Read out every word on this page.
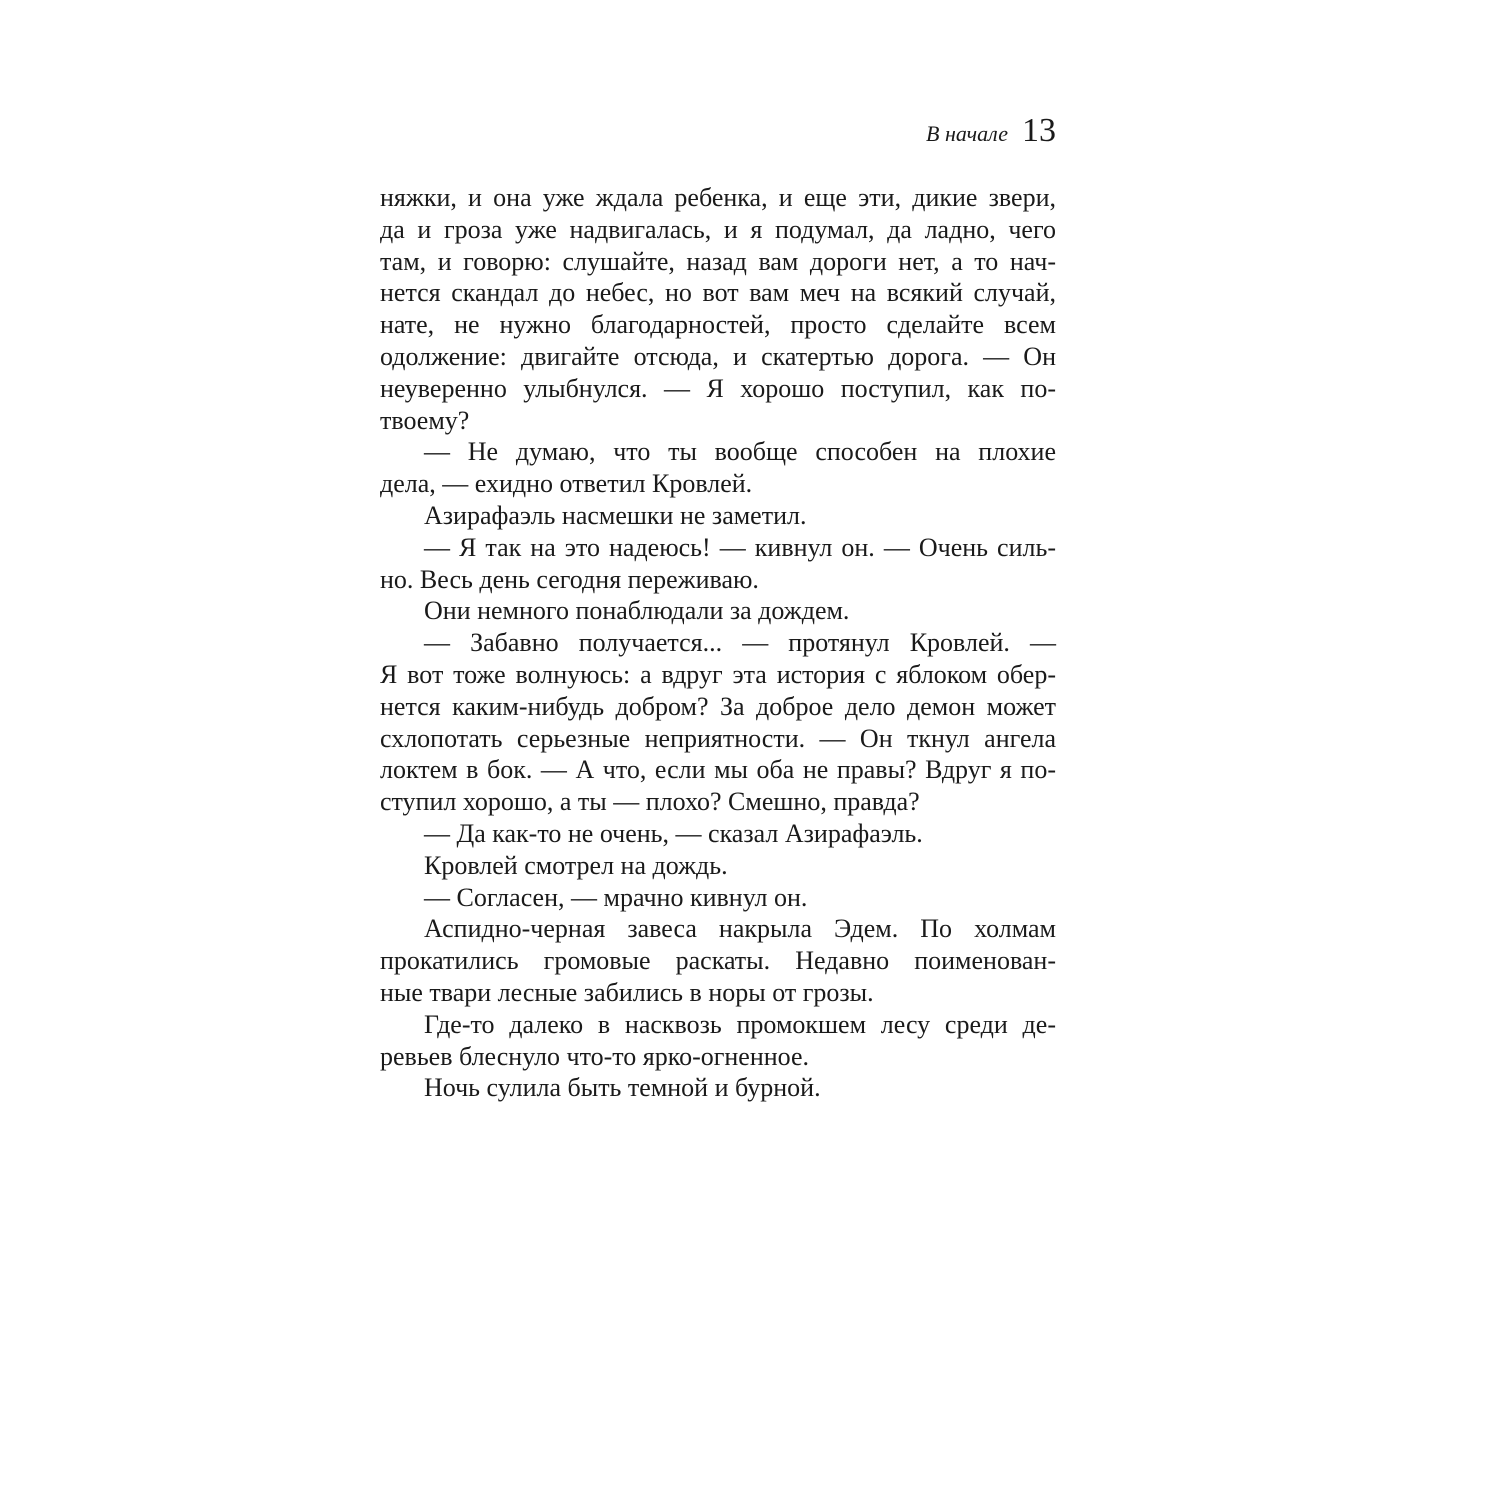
В начале 13
няжки, и она уже ждала ребенка, и еще эти, дикие звери,
да и гроза уже надвигалась, и я подумал, да ладно, чего
там, и говорю: слушайте, назад вам дороги нет, а то нач-
нется скандал до небес, но вот вам меч на всякий случай,
нате, не нужно благодарностей, просто сделайте всем
одолжение: двигайте отсюда, и скатертью дорога. — Он
неуверенно улыбнулся. — Я хорошо поступил, как по-
твоему?
— Не думаю, что ты вообще способен на плохие
дела, — ехидно ответил Кровлей.
Азирафаэль насмешки не заметил.
— Я так на это надеюсь! — кивнул он. — Очень силь-
но. Весь день сегодня переживаю.
Они немного понаблюдали за дождем.
— Забавно получается... — протянул Кровлей. —
Я вот тоже волнуюсь: а вдруг эта история с яблоком обер-
нется каким-нибудь добром? За доброе дело демон может
схлопотать серьезные неприятности. — Он ткнул ангела
локтем в бок. — А что, если мы оба не правы? Вдруг я по-
ступил хорошо, а ты — плохо? Смешно, правда?
— Да как-то не очень, — сказал Азирафаэль.
Кровлей смотрел на дождь.
— Согласен, — мрачно кивнул он.
Аспидно-черная завеса накрыла Эдем. По холмам
прокатились громовые раскаты. Недавно поименован-
ные твари лесные забились в норы от грозы.
Где-то далеко в насквозь промокшем лесу среди де-
ревьев блеснуло что-то ярко-огненное.
Ночь сулила быть темной и бурной.
